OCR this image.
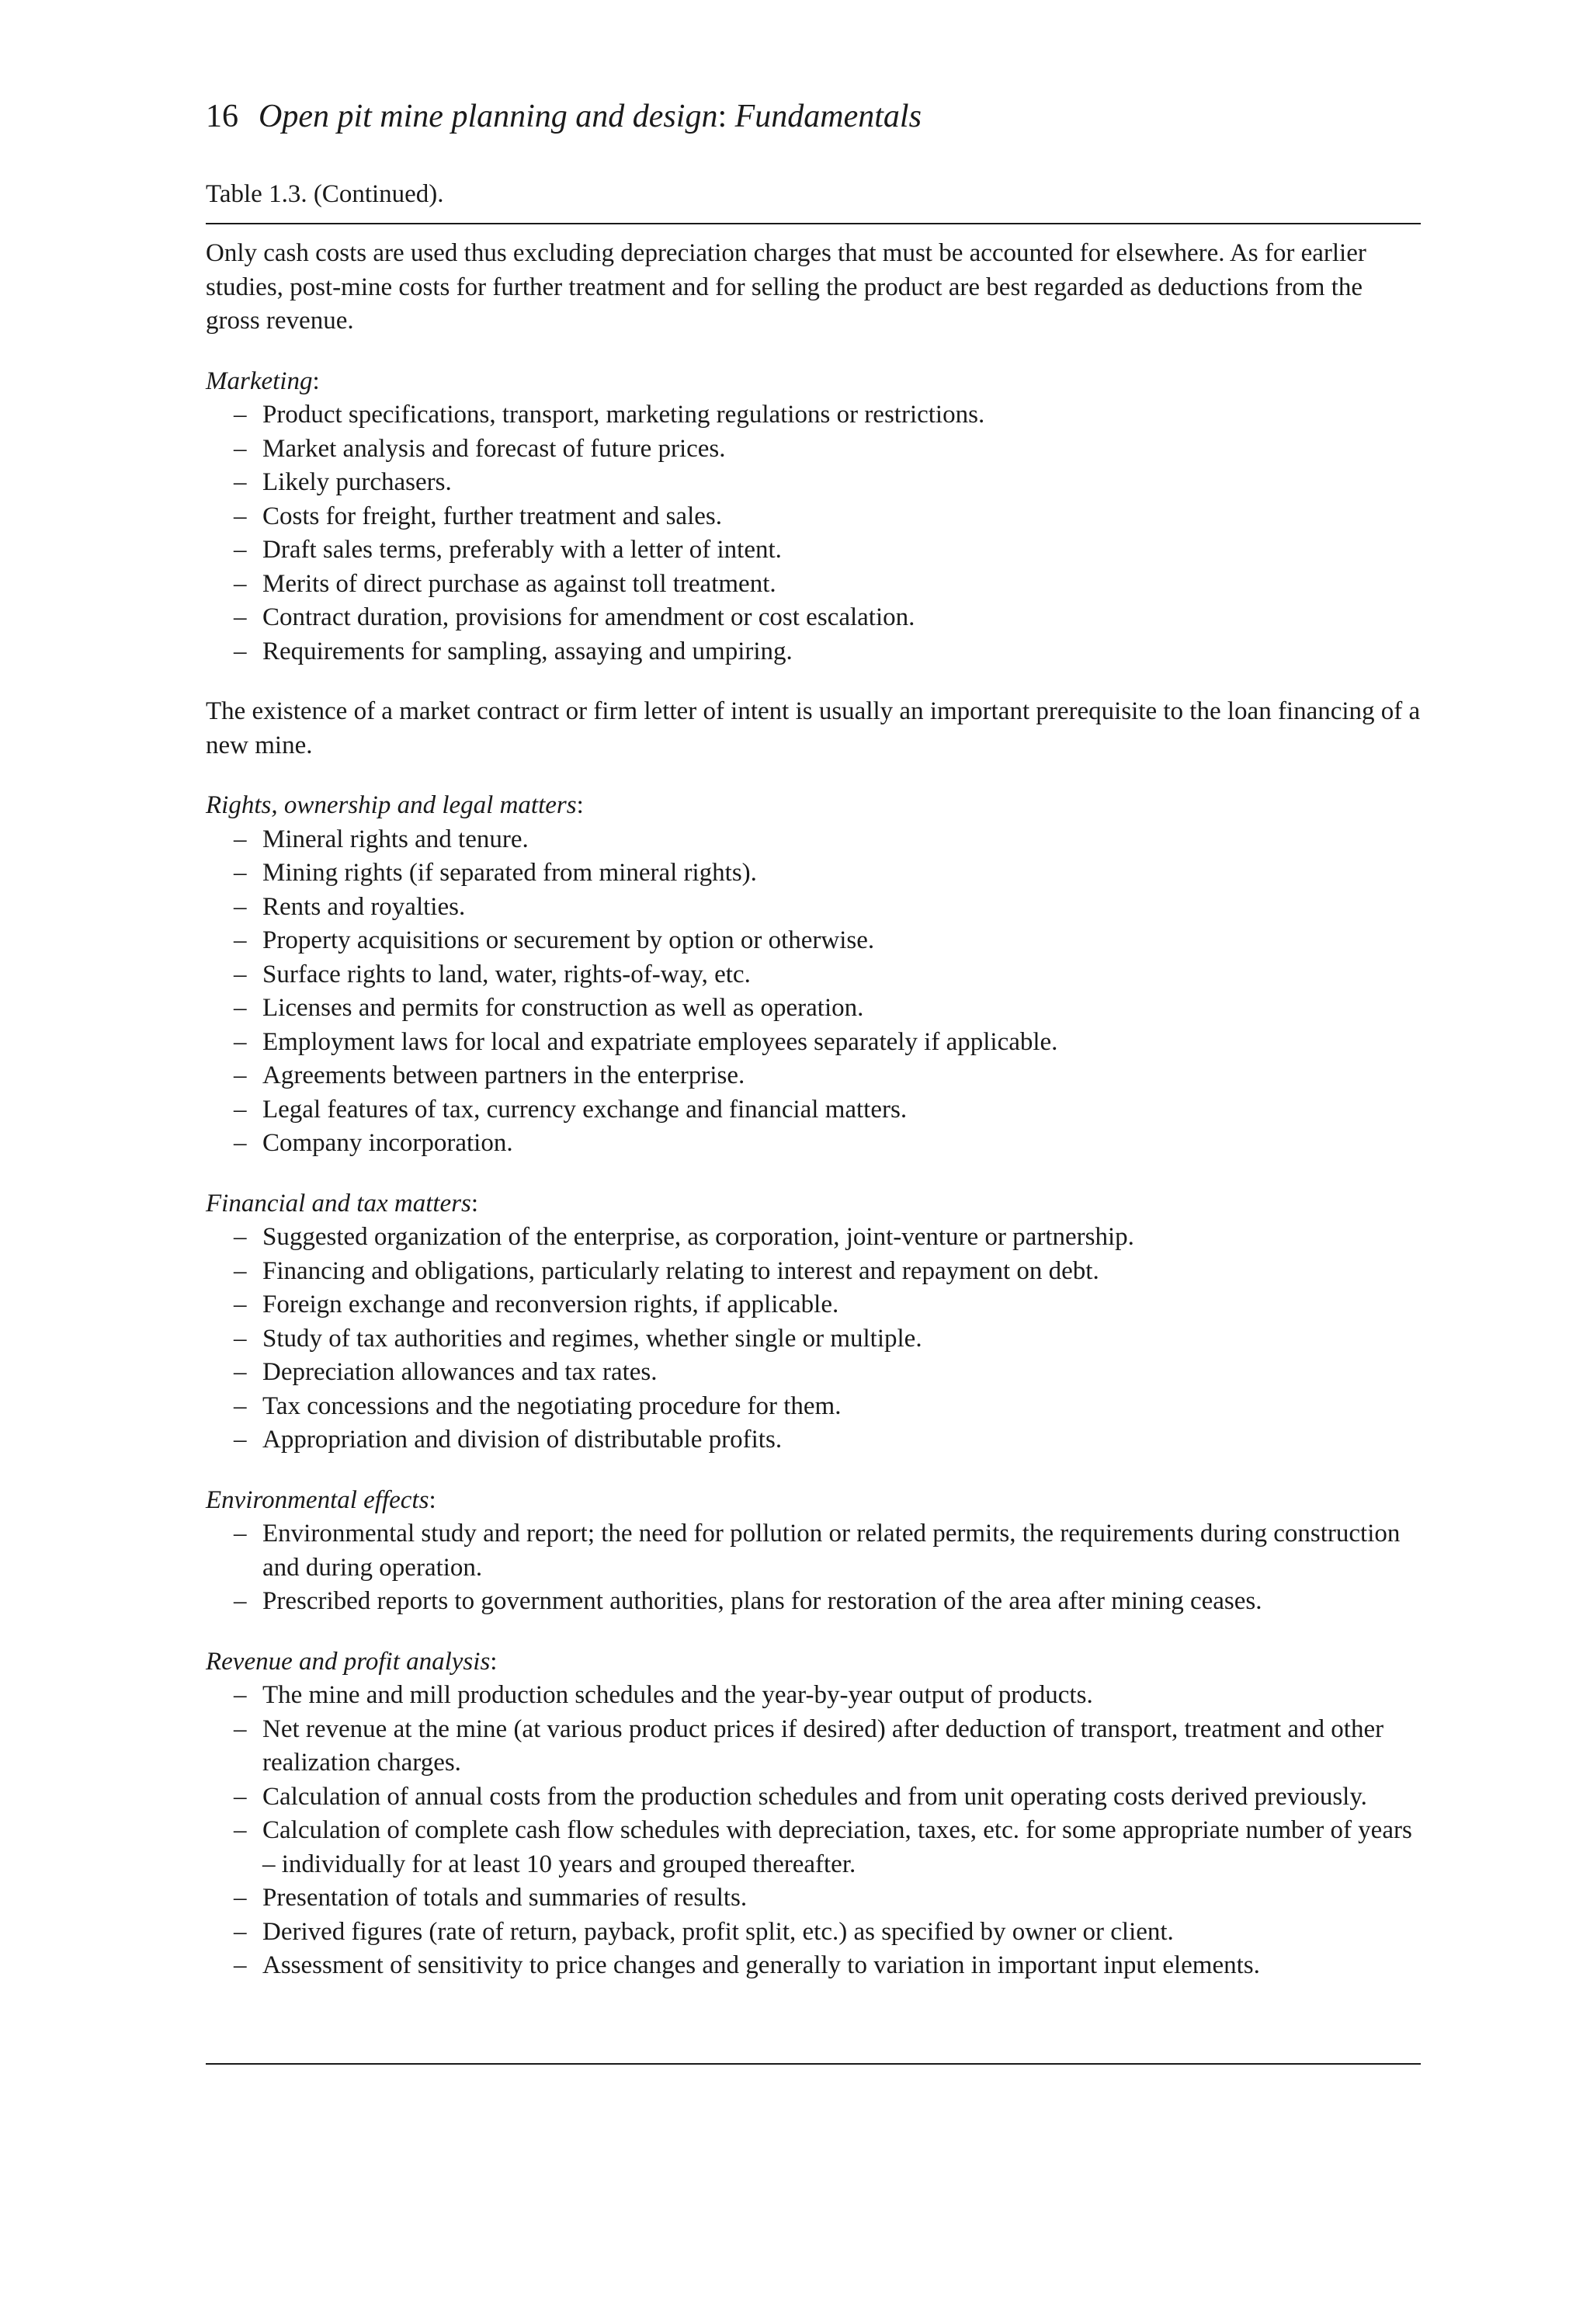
16 Open pit mine planning and design: Fundamentals
Table 1.3. (Continued).

Only cash costs are used thus excluding depreciation charges that must be accounted for elsewhere. As for earlier studies, post-mine costs for further treatment and for selling the product are best regarded as deductions from the gross revenue.

Marketing:
– Product specifications, transport, marketing regulations or restrictions.
– Market analysis and forecast of future prices.
– Likely purchasers.
– Costs for freight, further treatment and sales.
– Draft sales terms, preferably with a letter of intent.
– Merits of direct purchase as against toll treatment.
– Contract duration, provisions for amendment or cost escalation.
– Requirements for sampling, assaying and umpiring.

The existence of a market contract or firm letter of intent is usually an important prerequisite to the loan financing of a new mine.

Rights, ownership and legal matters:
– Mineral rights and tenure.
– Mining rights (if separated from mineral rights).
– Rents and royalties.
– Property acquisitions or securement by option or otherwise.
– Surface rights to land, water, rights-of-way, etc.
– Licenses and permits for construction as well as operation.
– Employment laws for local and expatriate employees separately if applicable.
– Agreements between partners in the enterprise.
– Legal features of tax, currency exchange and financial matters.
– Company incorporation.
Financial and tax matters:
– Suggested organization of the enterprise, as corporation, joint-venture or partnership.
– Financing and obligations, particularly relating to interest and repayment on debt.
– Foreign exchange and reconversion rights, if applicable.
– Study of tax authorities and regimes, whether single or multiple.
– Depreciation allowances and tax rates.
– Tax concessions and the negotiating procedure for them.
– Appropriation and division of distributable profits.
Environmental effects:
– Environmental study and report; the need for pollution or related permits, the requirements during construction and during operation.
– Prescribed reports to government authorities, plans for restoration of the area after mining ceases.
Revenue and profit analysis:
– The mine and mill production schedules and the year-by-year output of products.
– Net revenue at the mine (at various product prices if desired) after deduction of transport, treatment and other realization charges.
– Calculation of annual costs from the production schedules and from unit operating costs derived previously.
– Calculation of complete cash flow schedules with depreciation, taxes, etc. for some appropriate number of years – individually for at least 10 years and grouped thereafter.
– Presentation of totals and summaries of results.
– Derived figures (rate of return, payback, profit split, etc.) as specified by owner or client.
– Assessment of sensitivity to price changes and generally to variation in important input elements.
